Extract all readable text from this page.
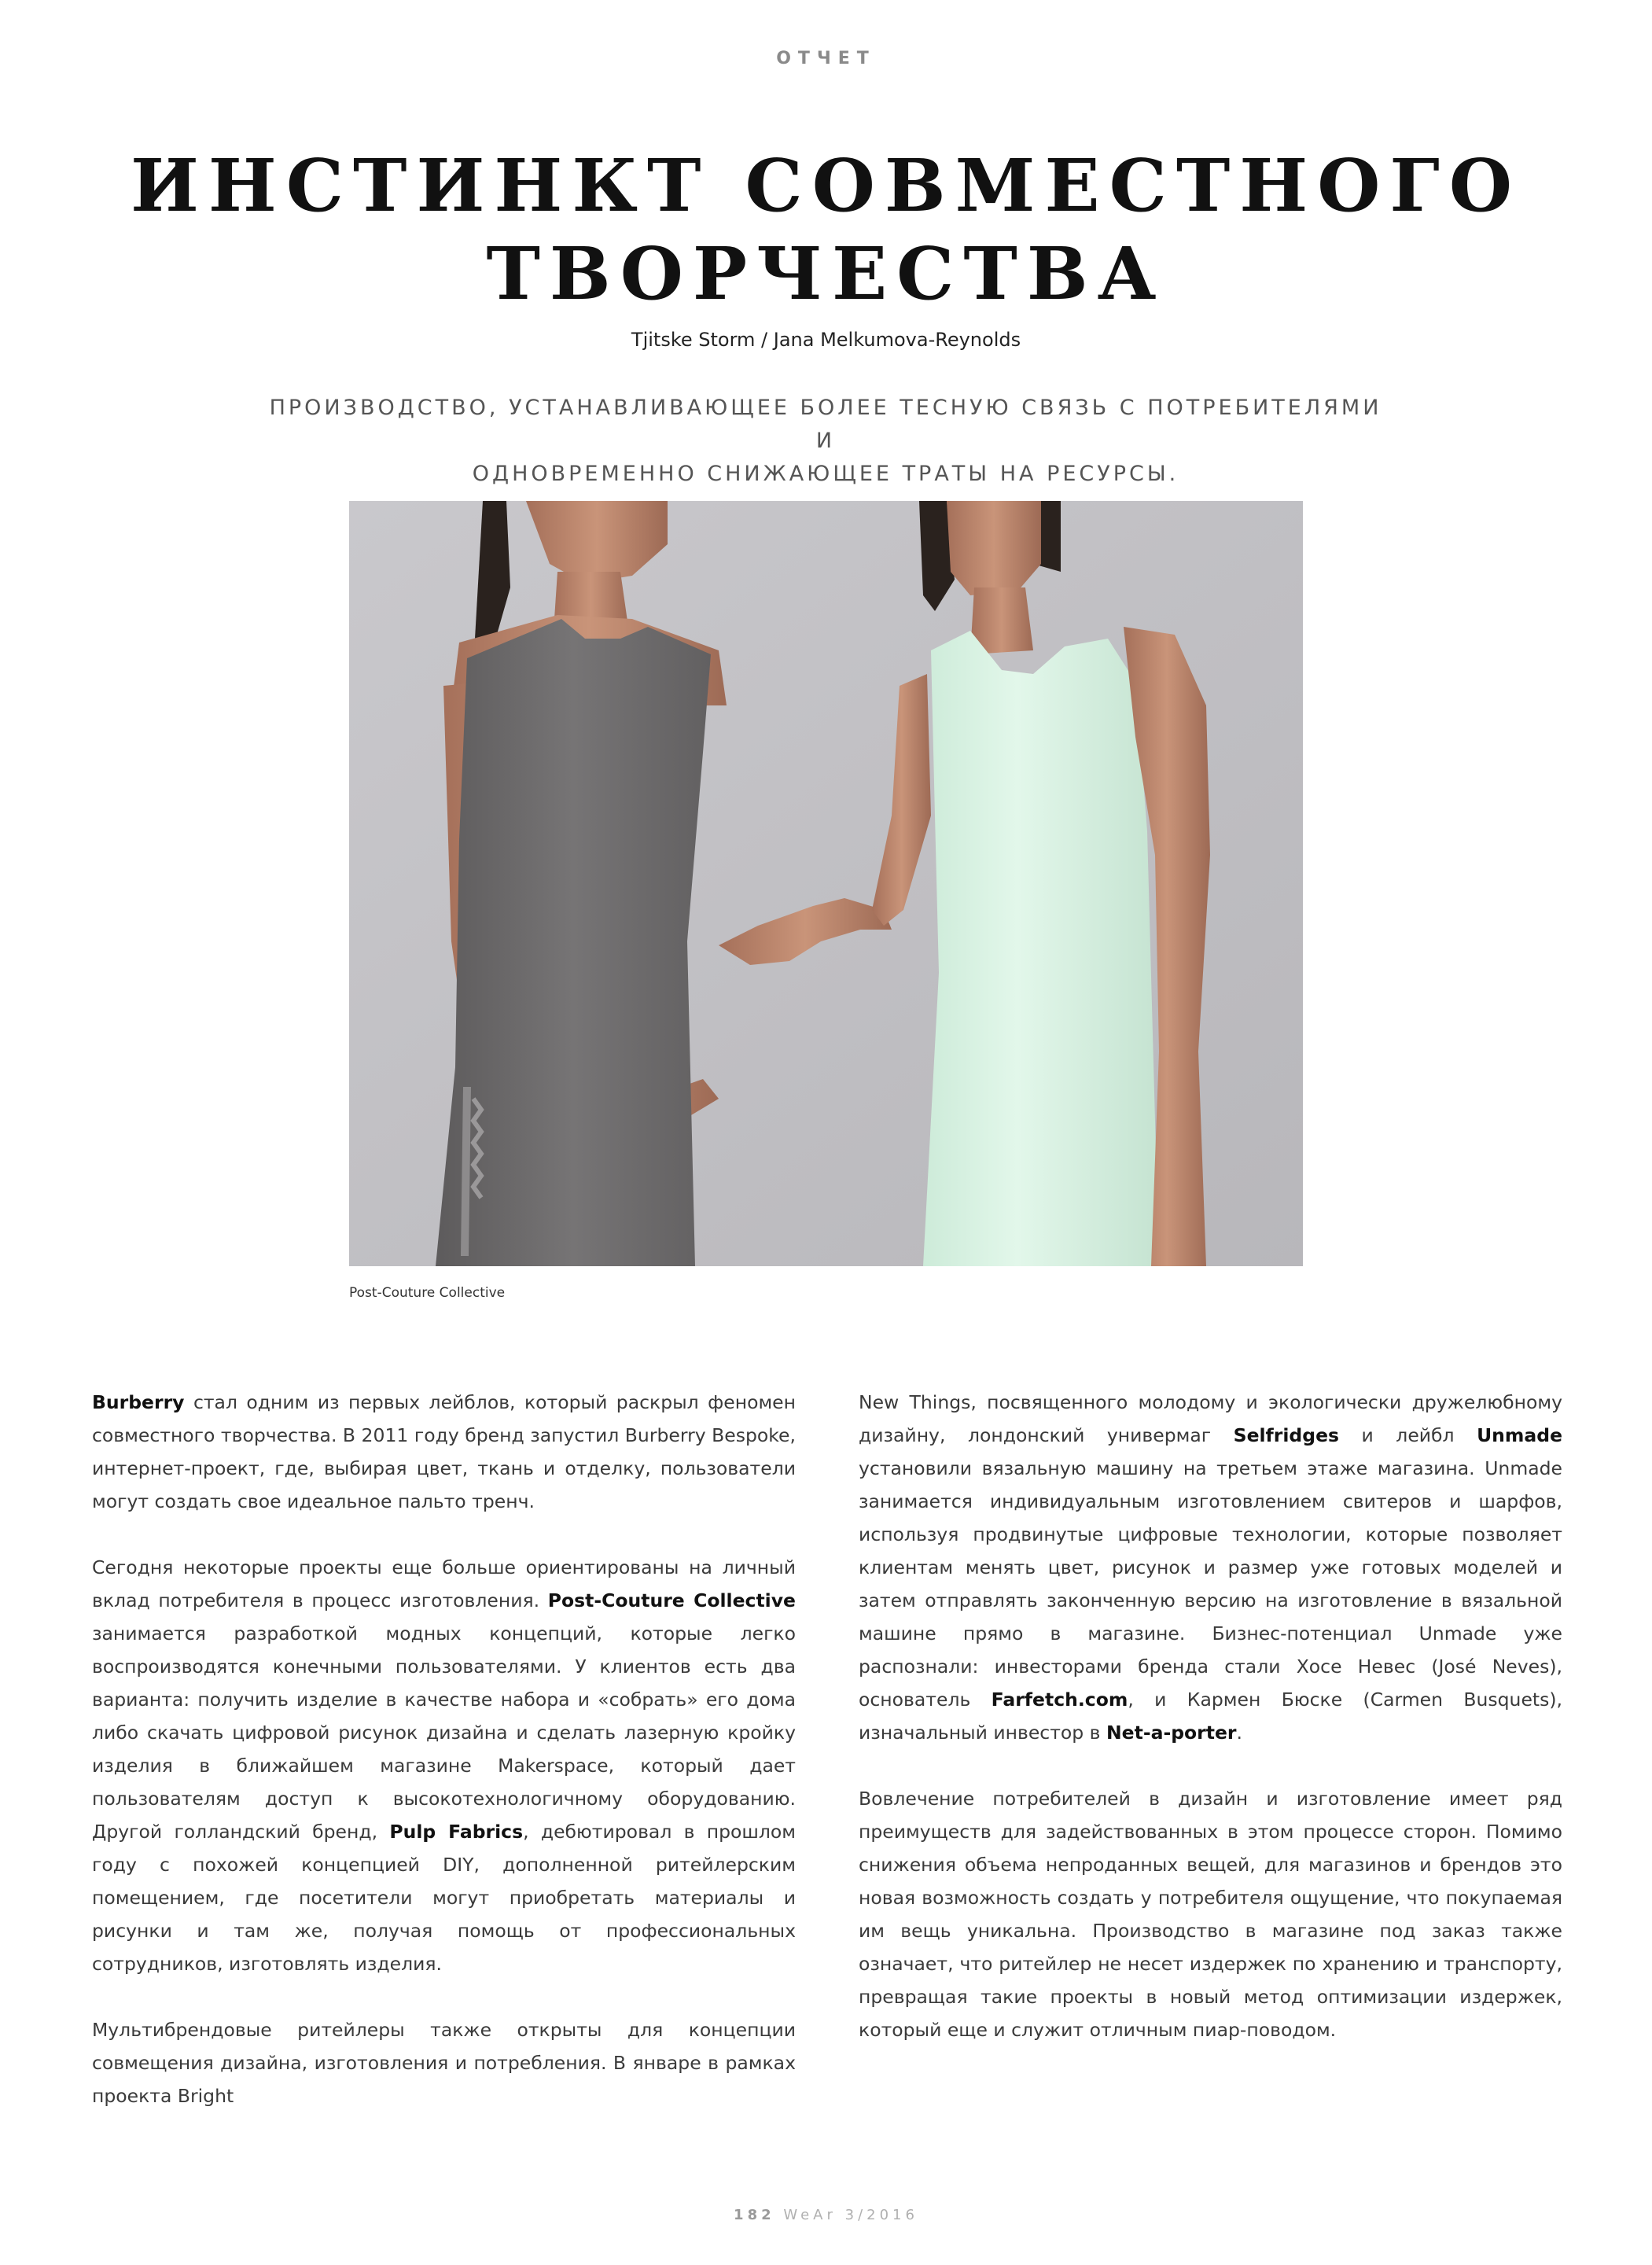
ОТЧЕТ
ИНСТИНКТ СОВМЕСТНОГО
ТВОРЧЕСТВА
Tjitske Storm / Jana Melkumova-Reynolds
ПРОИЗВОДСТВО, УСТАНАВЛИВАЮЩЕЕ БОЛЕЕ ТЕСНУЮ СВЯЗЬ С ПОТРЕБИТЕЛЯМИ И
ОДНОВРЕМЕННО СНИЖАЮЩЕЕ ТРАТЫ НА РЕСУРСЫ.
Post-Couture Collective

Burberry стал одним из первых лейблов, который раскрыл феномен совместного творчества. В 2011 году бренд запустил Burberry Bespoke, интернет-проект, где, выбирая цвет, ткань и отделку, пользователи могут создать свое идеальное пальто тренч.

Сегодня некоторые проекты еще больше ориентированы на личный вклад потребителя в процесс изготовления. Post-Couture Collective занимается разработкой модных концепций, которые легко воспроизводятся конечными пользователями. У клиентов есть два варианта: получить изделие в качестве набора и «собрать» его дома либо скачать цифровой рисунок дизайна и сделать лазерную кройку изделия в ближайшем магазине Makerspace, который дает пользователям доступ к высокотехнологичному оборудованию. Другой голландский бренд, Pulp Fabrics, дебютировал в прошлом году с похожей концепцией DIY, дополненной ритейлерским помещением, где посетители могут приобретать материалы и рисунки и там же, получая помощь от профессиональных сотрудников, изготовлять изделия.

Мультибрендовые ритейлеры также открыты для концепции совмещения дизайна, изготовления и потребления. В январе в рамках проекта Bright

New Things, посвященного молодому и экологически дружелюбному дизайну, лондонский универмаг Selfridges и лейбл Unmade установили вязальную машину на третьем этаже магазина. Unmade занимается индивидуальным изготовлением свитеров и шарфов, используя продвинутые цифровые технологии, которые позволяет клиентам менять цвет, рисунок и размер уже готовых моделей и затем отправлять законченную версию на изготовление в вязальной машине прямо в магазине. Бизнес-потенциал Unmade уже распознали: инвесторами бренда стали Хосе Невес (José Neves), основатель Farfetch.com, и Кармен Бюске (Carmen Busquets), изначальный инвестор в Net-a-porter.

Вовлечение потребителей в дизайн и изготовление имеет ряд преимуществ для задействованных в этом процессе сторон. Помимо снижения объема непроданных вещей, для магазинов и брендов это новая возможность создать у потребителя ощущение, что покупаемая им вещь уникальна. Производство в магазине под заказ также означает, что ритейлер не несет издержек по хранению и транспорту, превращая такие проекты в новый метод оптимизации издержек, который еще и служит отличным пиар-поводом.

182 WeAr 3/2016
